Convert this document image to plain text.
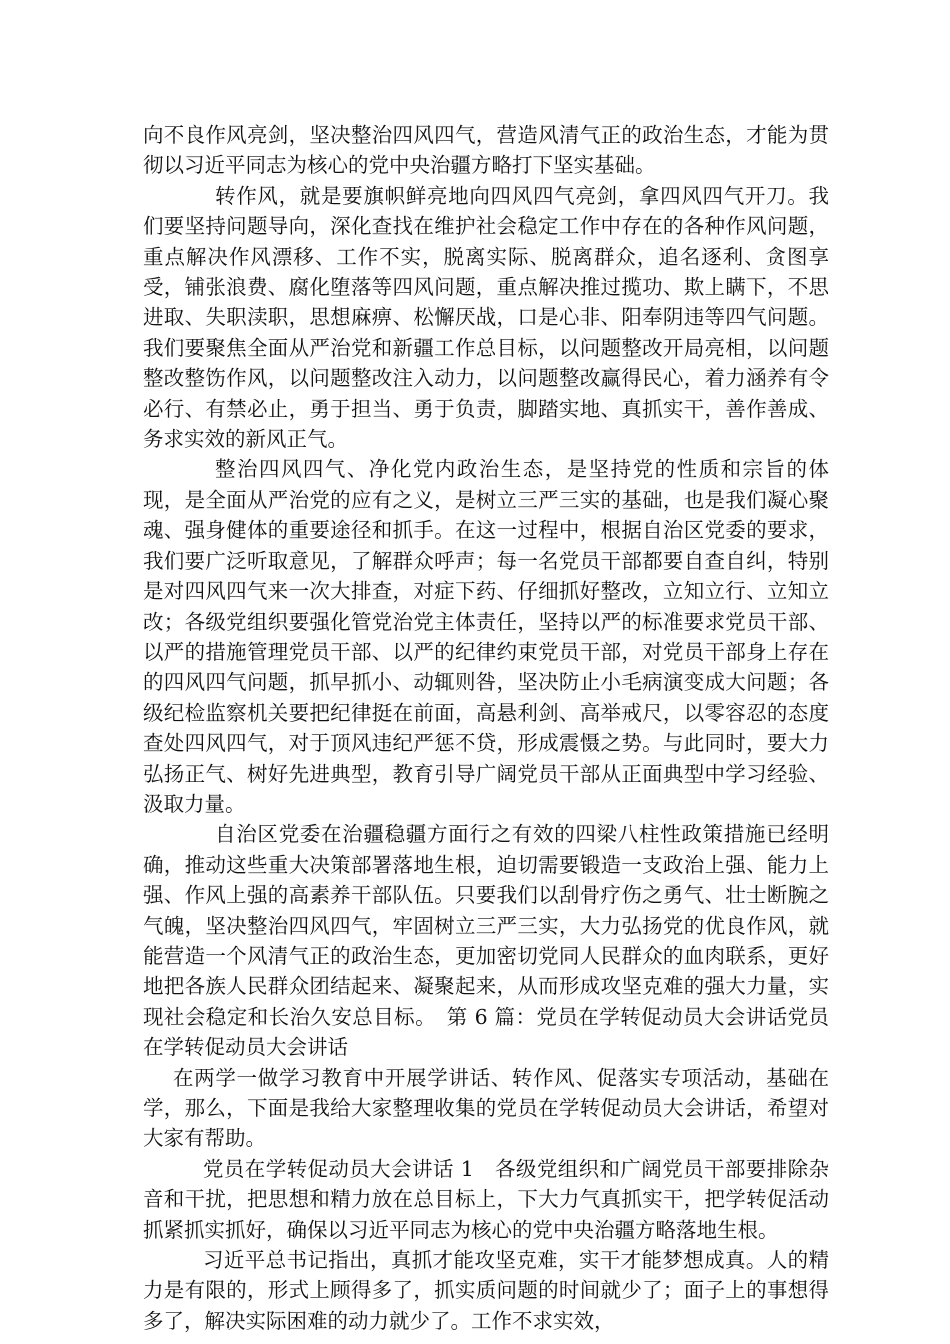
向不良作风亮剑，坚决整治四风四气，营造风清气正的政治生态，才能为贯彻以习近平同志为核心的党中央治疆方略打下坚实基础。

转作风，就是要旗帜鲜亮地向四风四气亮剑，拿四风四气开刀。我们要坚持问题导向，深化查找在维护社会稳定工作中存在的各种作风问题，重点解决作风漂移、工作不实，脱离实际、脱离群众，追名逐利、贪图享受，铺张浪费、腐化堕落等四风问题，重点解决推过揽功、欺上瞒下，不思进取、失职渎职，思想麻痹、松懈厌战，口是心非、阳奉阴违等四气问题。我们要聚焦全面从严治党和新疆工作总目标，以问题整改开局亮相，以问题整改整饬作风，以问题整改注入动力，以问题整改赢得民心，着力涵养有令必行、有禁必止，勇于担当、勇于负责，脚踏实地、真抓实干，善作善成、务求实效的新风正气。

整治四风四气、净化党内政治生态，是坚持党的性质和宗旨的体现，是全面从严治党的应有之义，是树立三严三实的基础，也是我们凝心聚魂、强身健体的重要途径和抓手。在这一过程中，根据自治区党委的要求，我们要广泛听取意见，了解群众呼声；每一名党员干部都要自查自纠，特别是对四风四气来一次大排查，对症下药、仔细抓好整改，立知立行、立知立改；各级党组织要强化管党治党主体责任，坚持以严的标准要求党员干部、以严的措施管理党员干部、以严的纪律约束党员干部，对党员干部身上存在的四风四气问题，抓早抓小、动辄则咎，坚决防止小毛病演变成大问题；各级纪检监察机关要把纪律挺在前面，高悬利剑、高举戒尺，以零容忍的态度查处四风四气，对于顶风违纪严惩不贷，形成震慑之势。与此同时，要大力弘扬正气、树好先进典型，教育引导广阔党员干部从正面典型中学习经验、汲取力量。

自治区党委在治疆稳疆方面行之有效的四梁八柱性政策措施已经明确，推动这些重大决策部署落地生根，迫切需要锻造一支政治上强、能力上强、作风上强的高素养干部队伍。只要我们以刮骨疗伤之勇气、壮士断腕之气魄，坚决整治四风四气，牢固树立三严三实，大力弘扬党的优良作风，就能营造一个风清气正的政治生态，更加密切党同人民群众的血肉联系，更好地把各族人民群众团结起来、凝聚起来，从而形成攻坚克难的强大力量，实现社会稳定和长治久安总目标。　第 6 篇：党员在学转促动员大会讲话党员在学转促动员大会讲话

在两学一做学习教育中开展学讲话、转作风、促落实专项活动，基础在学，那么，下面是我给大家整理收集的党员在学转促动员大会讲话，希望对大家有帮助。

党员在学转促动员大会讲话 1　各级党组织和广阔党员干部要排除杂音和干扰，把思想和精力放在总目标上，下大力气真抓实干，把学转促活动抓紧抓实抓好，确保以习近平同志为核心的党中央治疆方略落地生根。

习近平总书记指出，真抓才能攻坚克难，实干才能梦想成真。人的精力是有限的，形式上顾得多了，抓实质问题的时间就少了；面子上的事想得多了，解决实际困难的动力就少了。工作不求实效，
